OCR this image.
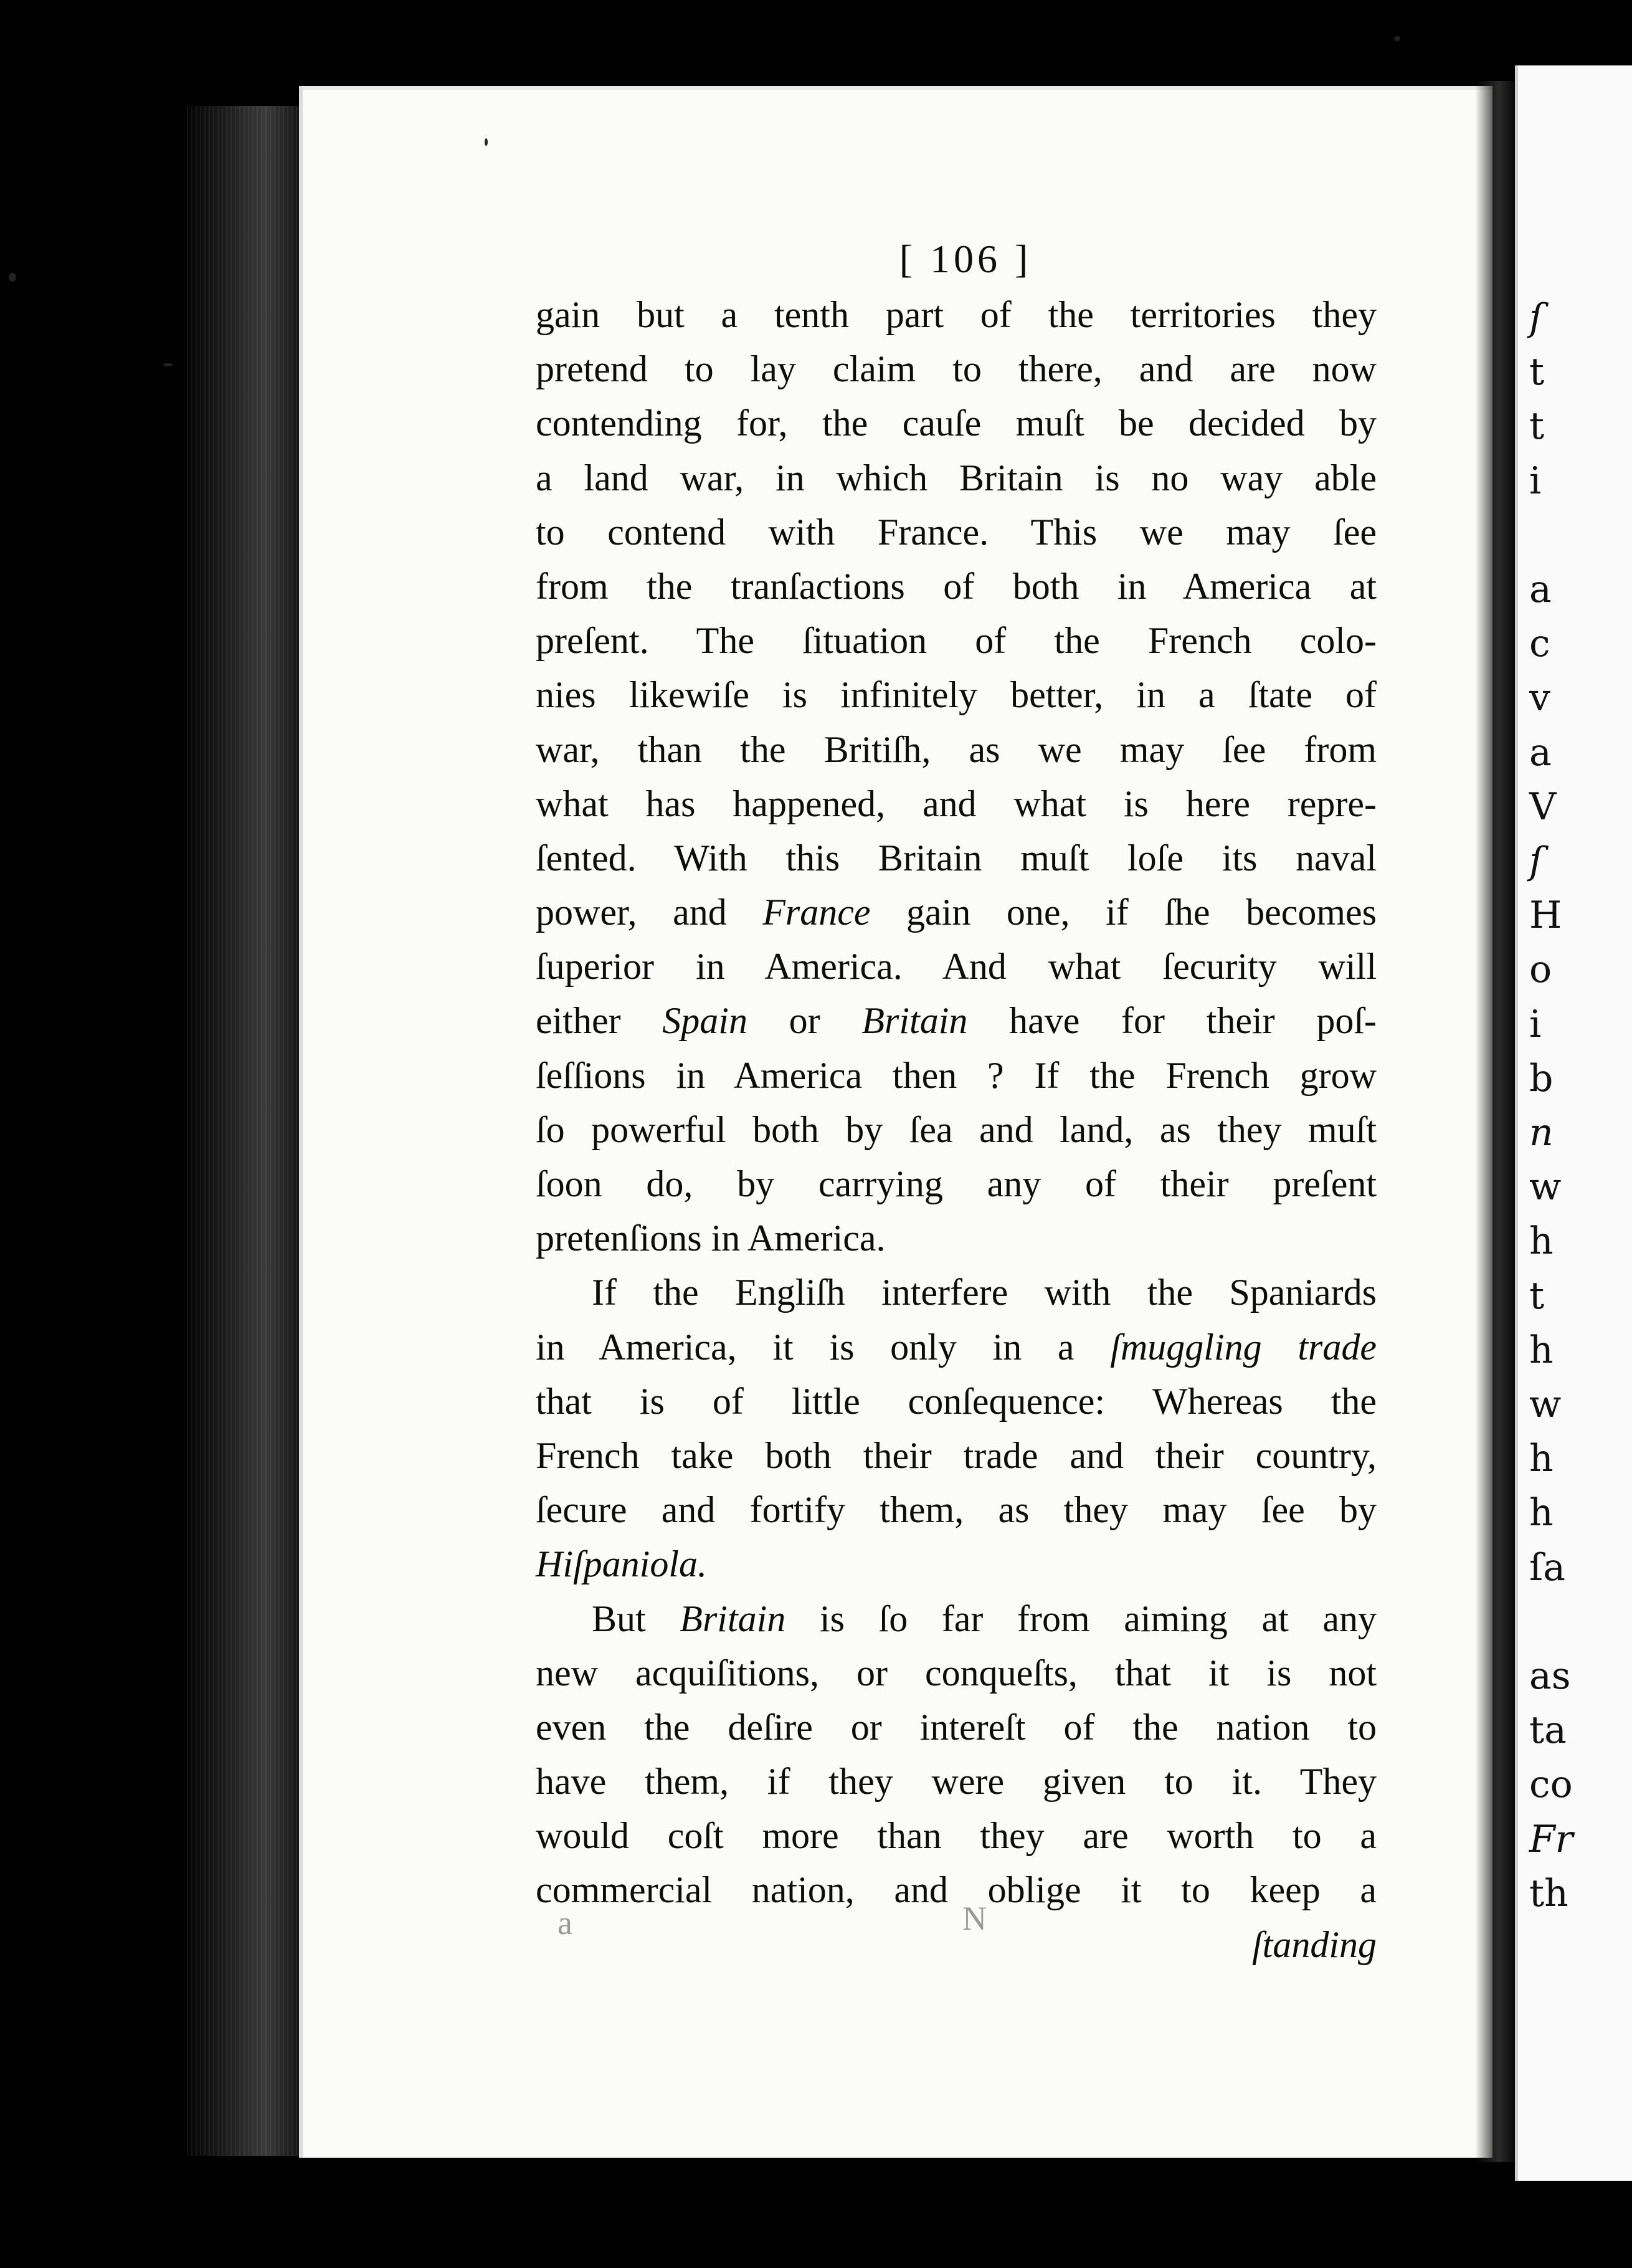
ſ
t
t
i
a
c
v
a
V
ſ
H
o
i
b
n
w
h
t
h
w
h
h
ſa
as
ta
co
Fr
th
[ 106 ]
gain but a tenth part of the territories they
pretend to lay claim to there, and are now
contending for, the cauſe muſt be decided by
a land war, in which Britain is no way able
to contend with France. This we may ſee
from the tranſactions of both in America at
preſent. The ſituation of the French colo-
nies likewiſe is infinitely better, in a ſtate of
war, than the Britiſh, as we may ſee from
what has happened, and what is here repre-
ſented. With this Britain muſt loſe its naval
power, and France gain one, if ſhe becomes
ſuperior in America. And what ſecurity will
either Spain or Britain have for their poſ-
ſeſſions in America then ? If the French grow
ſo powerful both by ſea and land, as they muſt
ſoon do, by carrying any of their preſent
pretenſions in America.
If the Engliſh interfere with the Spaniards
in America, it is only in a ſmuggling trade
that is of little conſequence: Whereas the
French take both their trade and their country,
ſecure and fortify them, as they may ſee by
Hiſpaniola.
But Britain is ſo far from aiming at any
new acquiſitions, or conqueſts, that it is not
even the deſire or intereſt of the nation to
have them, if they were given to it. They
would coſt more than they are worth to a
commercial nation, and oblige it to keep a
ſtanding
a	N
